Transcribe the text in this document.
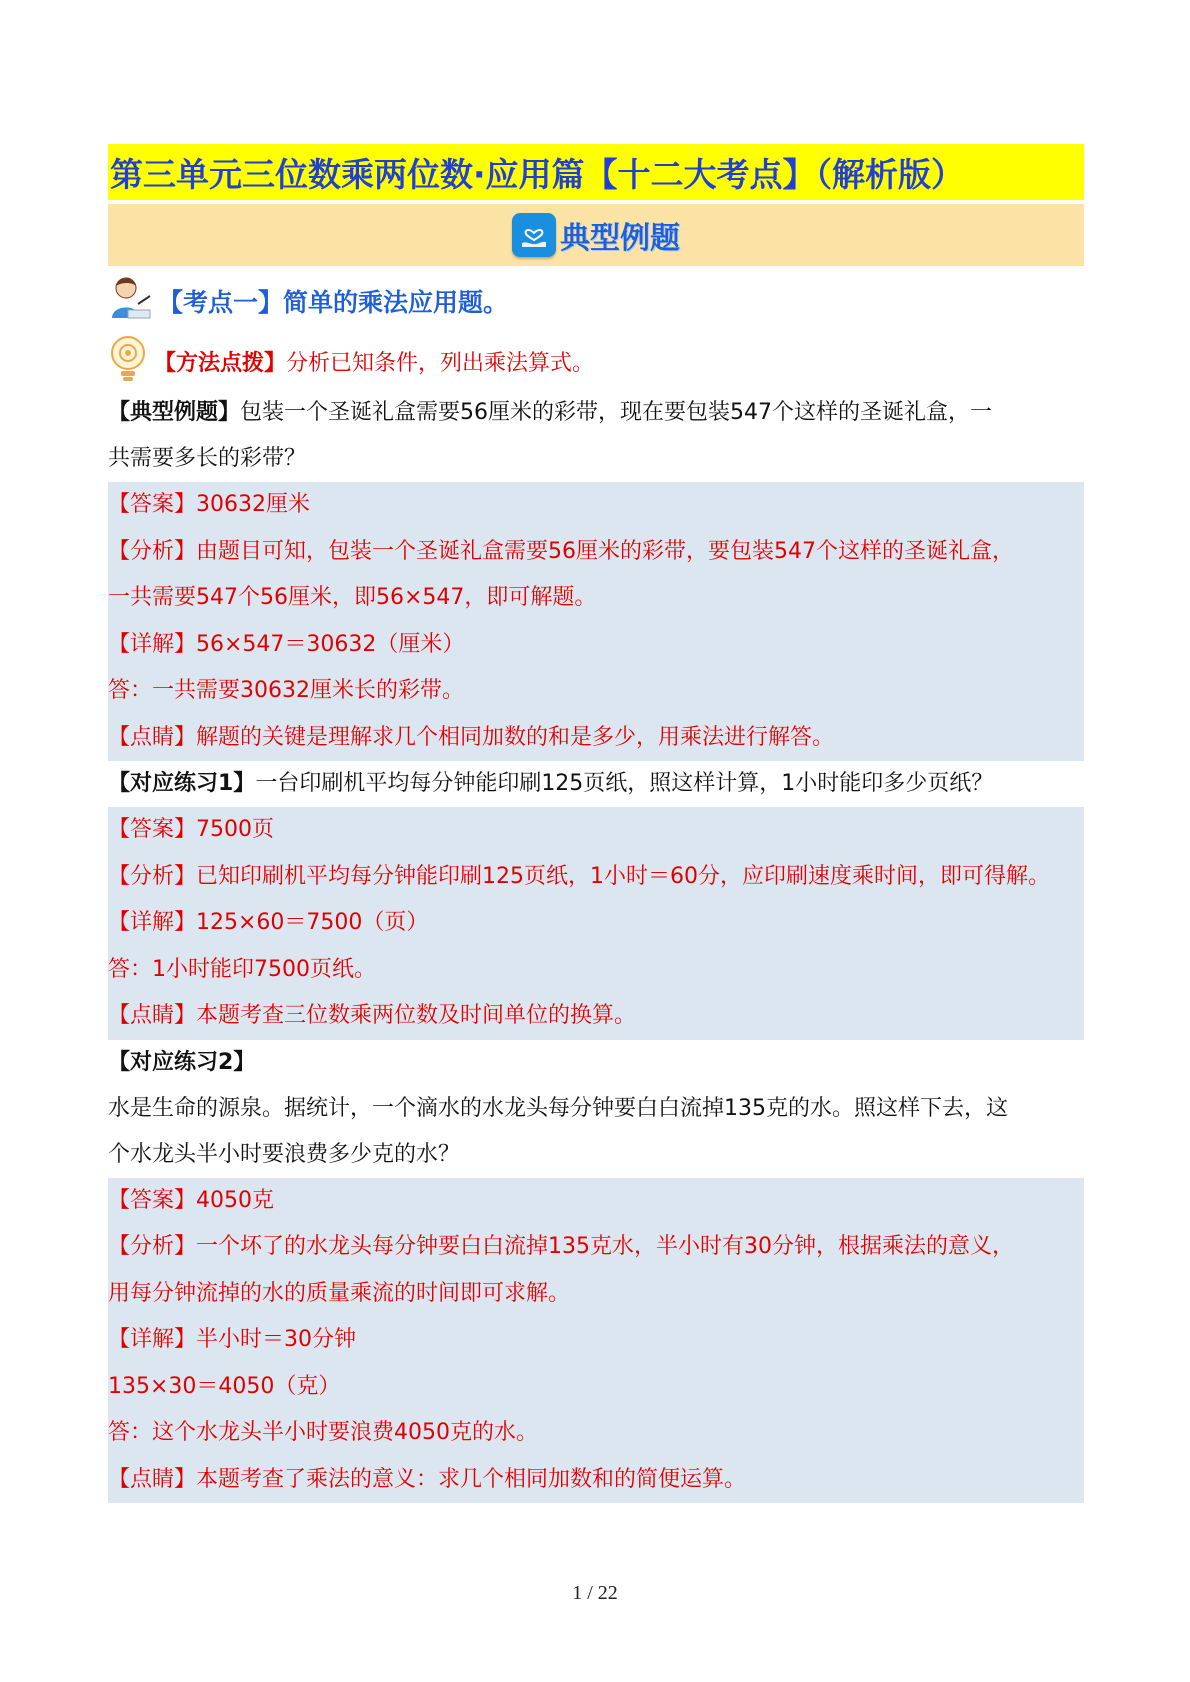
第三单元三位数乘两位数·应用篇【十二大考点】（解析版）
典型例题
【考点一】简单的乘法应用题。
【方法点拨】 分析已知条件，列出乘法算式。
【典型例题】包装一个圣诞礼盒需要56厘米的彩带，现在要包装547个这样的圣诞礼盒，一
共需要多长的彩带？
【答案】30632厘米
【分析】由题目可知，包装一个圣诞礼盒需要56厘米的彩带，要包装547个这样的圣诞礼盒，
一共需要547个56厘米，即56×547，即可解题。
【详解】56×547＝30632（厘米）
答：一共需要30632厘米长的彩带。
【点睛】解题的关键是理解求几个相同加数的和是多少，用乘法进行解答。
【对应练习1】一台印刷机平均每分钟能印刷125页纸，照这样计算，1小时能印多少页纸？
【答案】7500页
【分析】已知印刷机平均每分钟能印刷125页纸，1小时＝60分，应印刷速度乘时间，即可得解。
【详解】125×60＝7500（页）
答：1小时能印7500页纸。
【点睛】本题考查三位数乘两位数及时间单位的换算。
【对应练习2】
水是生命的源泉。据统计，一个滴水的水龙头每分钟要白白流掉135克的水。照这样下去，这
个水龙头半小时要浪费多少克的水？
【答案】4050克
【分析】一个坏了的水龙头每分钟要白白流掉135克水，半小时有30分钟，根据乘法的意义，
用每分钟流掉的水的质量乘流的时间即可求解。
【详解】半小时＝30分钟
135×30＝4050（克）
答：这个水龙头半小时要浪费4050克的水。
【点睛】本题考查了乘法的意义：求几个相同加数和的简便运算。
1 / 22
